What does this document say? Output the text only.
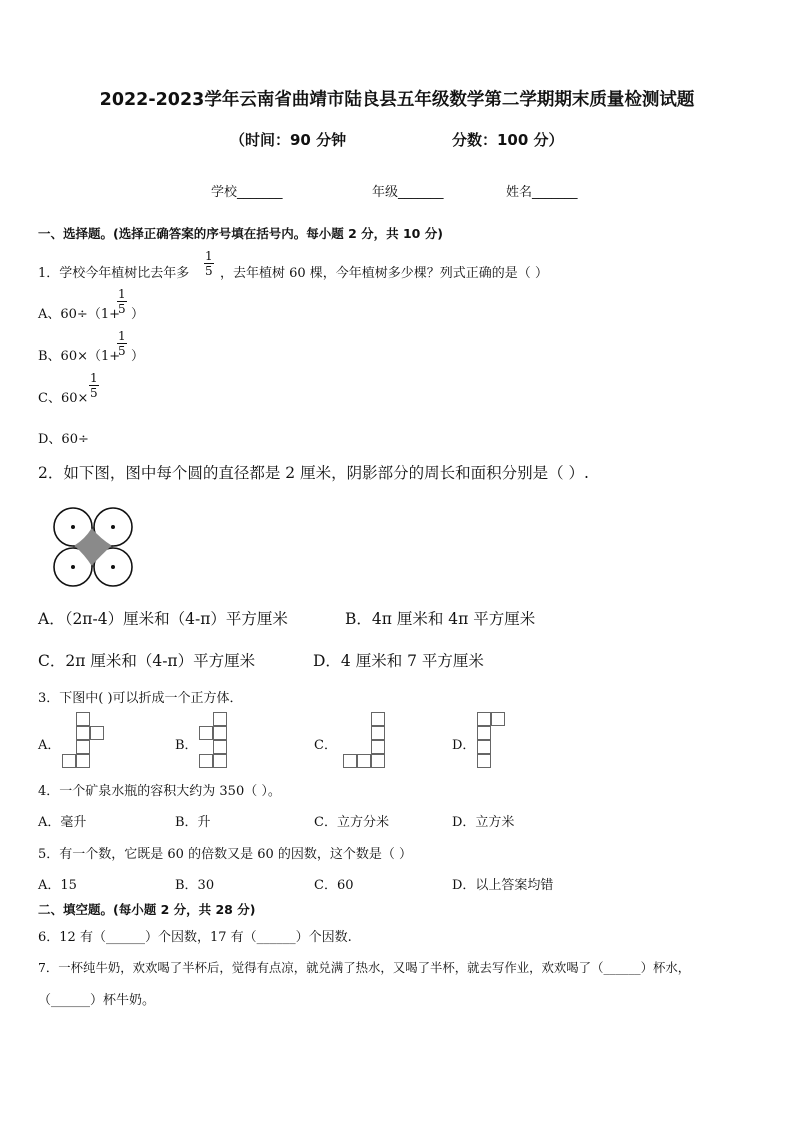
2022-2023学年云南省曲靖市陆良县五年级数学第二学期期末质量检测试题
（时间：90 分钟	分数：100 分）
学校_______	年级_______	姓名_______
一、选择题。(选择正确答案的序号填在括号内。每小题 2 分，共 10 分)
1．学校今年植树比去年多 $\frac{1}{5}$ ，去年植树 60 棵，今年植树多少棵？列式正确的是（ ）
A、60÷（1+
$\frac{1}{5}$ ）
B、60×（1+
$\frac{1}{5}$ ）
C、$60\times \frac{1}{5}$
D、60÷
2．如下图，图中每个圆的直径都是 2 厘米，阴影部分的周长和面积分别是（ ）.
A．（2π-4）厘米和（4-π）平方厘米	B．4π 厘米和 4π 平方厘米
C．2π 厘米和（4-π）平方厘米	D．4 厘米和 7 平方厘米
3．下图中( )可以折成一个正方体．
A．	B．	C．	D．
4．一个矿泉水瓶的容积大约为 350（ ）。
A．毫升	B．升	C．立方分米	D．立方米
5．有一个数，它既是 60 的倍数又是 60 的因数，这个数是（ ）
A．15	B．30	C．60	D．以上答案均错
二、填空题。(每小题 2 分，共 28 分)
6．12 有（______）个因数，17 有（______）个因数.
7．一杯纯牛奶，欢欢喝了半杯后，觉得有点凉，就兑满了热水，又喝了半杯，就去写作业，欢欢喝了（______）杯水，
（______）杯牛奶。
